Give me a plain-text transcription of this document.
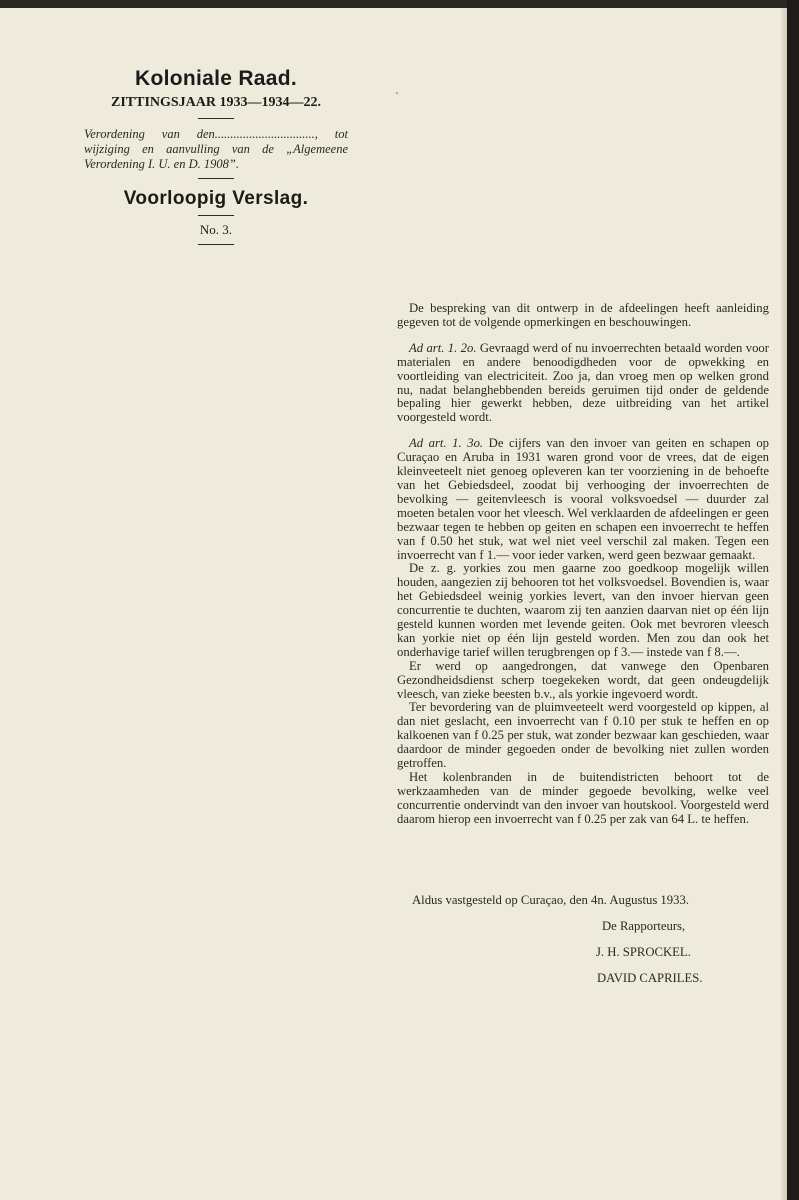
Koloniale Raad.

ZITTINGSJAAR 1933—1934—22.

Verordening van den................................, tot wijziging en aanvulling van de „Algemeene Verordening I. U. en D. 1908”.

Voorloopig Verslag.

No. 3.

De bespreking van dit ontwerp in de afdeelingen heeft aanleiding gegeven tot de volgende opmerkingen en beschouwingen.

Ad art. 1. 2o. Gevraagd werd of nu invoerrechten betaald worden voor materialen en andere benoodigdheden voor de opwekking en voortleiding van electriciteit. Zoo ja, dan vroeg men op welken grond nu, nadat belanghebbenden bereids geruimen tijd onder de geldende bepaling hier gewerkt hebben, deze uitbreiding van het artikel voorgesteld wordt.

Ad art. 1. 3o. De cijfers van den invoer van geiten en schapen op Curaçao en Aruba in 1931 waren grond voor de vrees, dat de eigen kleinveeteelt niet genoeg opleveren kan ter voorziening in de behoefte van het Gebiedsdeel, zoodat bij verhooging der invoerrechten de bevolking — geitenvleesch is vooral volksvoedsel — duurder zal moeten betalen voor het vleesch. Wel verklaarden de afdeelingen er geen bezwaar tegen te hebben op geiten en schapen een invoerrecht te heffen van f 0.50 het stuk, wat wel niet veel verschil zal maken. Tegen een invoerrecht van f 1.— voor ieder varken, werd geen bezwaar gemaakt.

De z. g. yorkies zou men gaarne zoo goedkoop mogelijk willen houden, aangezien zij behooren tot het volksvoedsel. Bovendien is, waar het Gebiedsdeel weinig yorkies levert, van den invoer hiervan geen concurrentie te duchten, waarom zij ten aanzien daarvan niet op één lijn gesteld kunnen worden met levende geiten. Ook met bevroren vleesch kan yorkie niet op één lijn gesteld worden. Men zou dan ook het onderhavige tarief willen terugbrengen op f 3.— instede van f 8.—.

Er werd op aangedrongen, dat vanwege den Openbaren Gezondheidsdienst scherp toegekeken wordt, dat geen ondeugdelijk vleesch, van zieke beesten b.v., als yorkie ingevoerd wordt.

Ter bevordering van de pluimveeteelt werd voorgesteld op kippen, al dan niet geslacht, een invoerrecht van f 0.10 per stuk te heffen en op kalkoenen van f 0.25 per stuk, wat zonder bezwaar kan geschieden, waar daardoor de minder gegoeden onder de bevolking niet zullen worden getroffen.

Het kolenbranden in de buitendistricten behoort tot de werkzaamheden van de minder gegoede bevolking, welke veel concurrentie ondervindt van den invoer van houtskool. Voorgesteld werd daarom hierop een invoerrecht van f 0.25 per zak van 64 L. te heffen.

Aldus vastgesteld op Curaçao, den 4n. Augustus 1933.
De Rapporteurs,
J. H. SPROCKEL.
DAVID CAPRILES.
